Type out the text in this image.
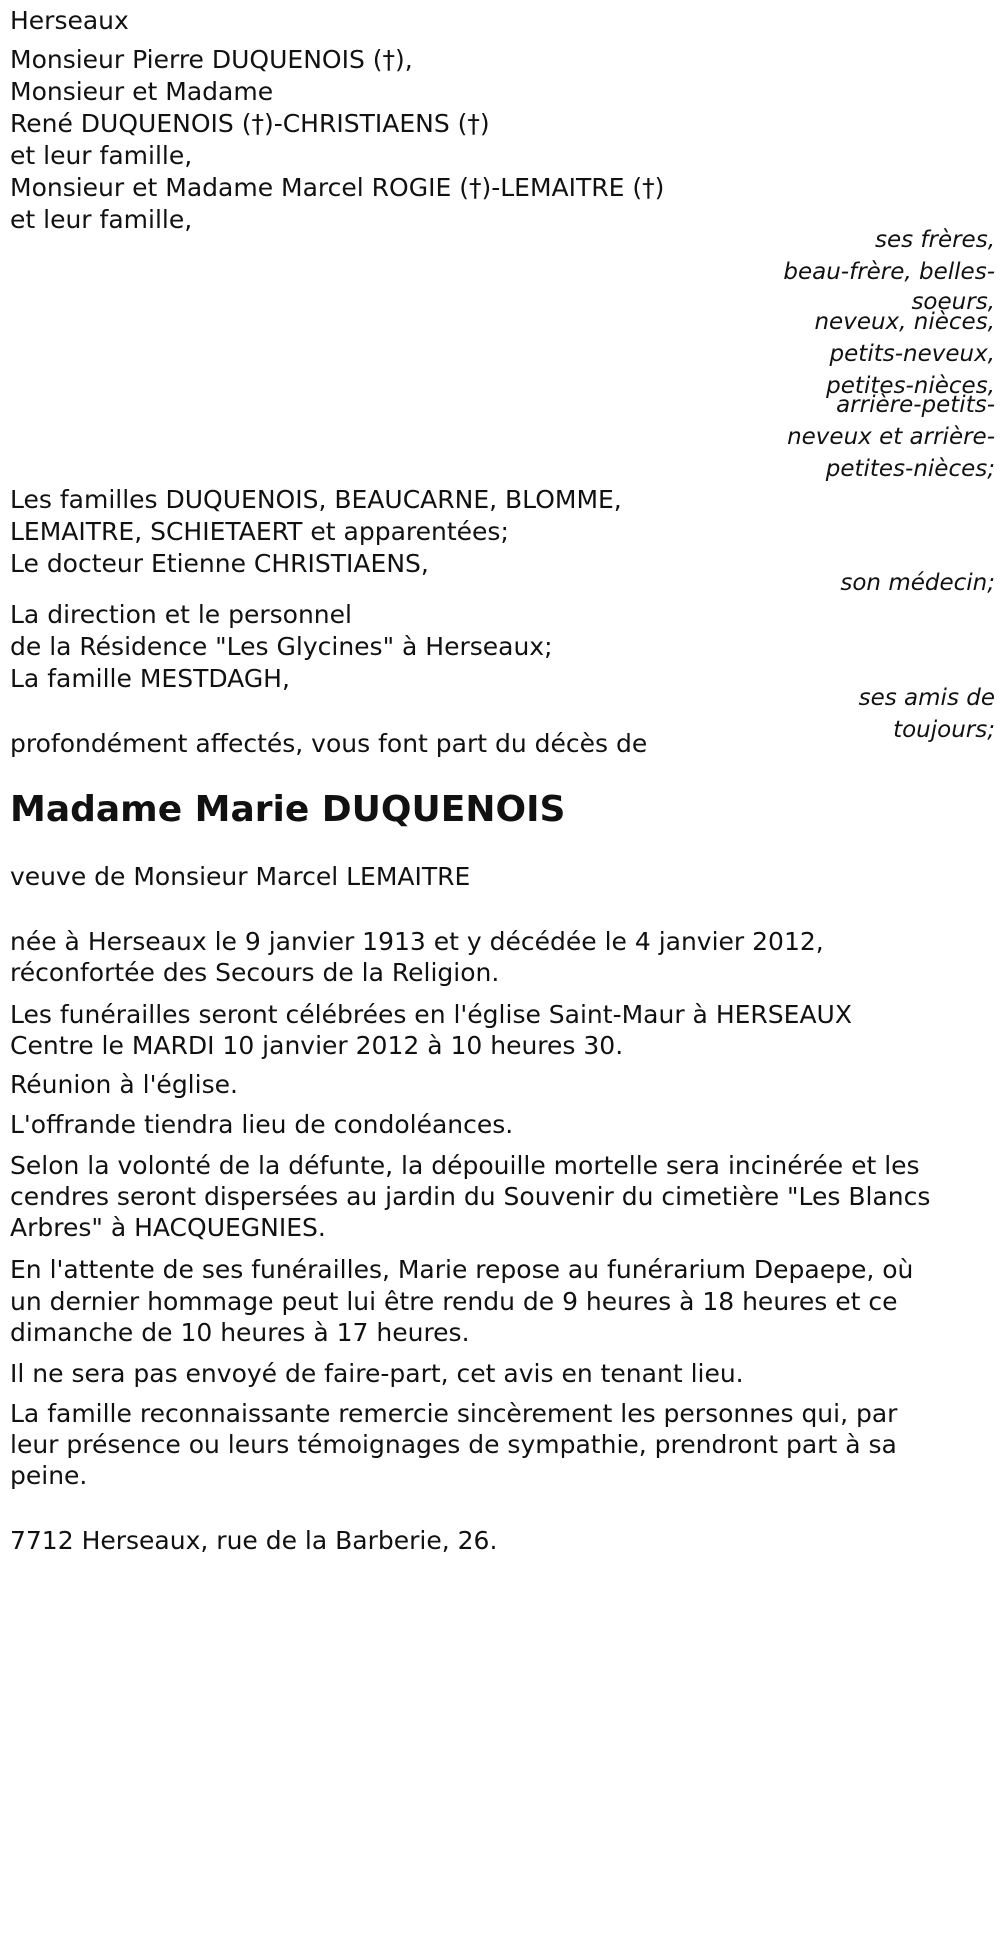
Herseaux
Monsieur Pierre DUQUENOIS (†),
Monsieur et Madame
René DUQUENOIS (†)-CHRISTIAENS (†)
et leur famille,
Monsieur et Madame Marcel ROGIE (†)-LEMAITRE (†)
et leur famille,
ses frères,
beau-frère, belles-
soeurs,
neveux, nièces,
petits-neveux,
petites-nièces,
arrière-petits-
neveux et arrière-
petites-nièces;
Les familles DUQUENOIS, BEAUCARNE, BLOMME,
LEMAITRE, SCHIETAERT et apparentées;
Le docteur Etienne CHRISTIAENS,
son médecin;
La direction et le personnel
de la Résidence "Les Glycines" à Herseaux;
La famille MESTDAGH,
ses amis de
toujours;
profondément affectés, vous font part du décès de
Madame Marie DUQUENOIS
veuve de Monsieur Marcel LEMAITRE
née à Herseaux le 9 janvier 1913 et y décédée le 4 janvier 2012,
réconfortée des Secours de la Religion.
Les funérailles seront célébrées en l'église Saint-Maur à HERSEAUX
Centre le MARDI 10 janvier 2012 à 10 heures 30.
Réunion à l'église.
L'offrande tiendra lieu de condoléances.
Selon la volonté de la défunte, la dépouille mortelle sera incinérée et les
cendres seront dispersées au jardin du Souvenir du cimetière "Les Blancs
Arbres" à HACQUEGNIES.
En l'attente de ses funérailles, Marie repose au funérarium Depaepe, où
un dernier hommage peut lui être rendu de 9 heures à 18 heures et ce
dimanche de 10 heures à 17 heures.
Il ne sera pas envoyé de faire-part, cet avis en tenant lieu.
La famille reconnaissante remercie sincèrement les personnes qui, par
leur présence ou leurs témoignages de sympathie, prendront part à sa
peine.
7712 Herseaux, rue de la Barberie, 26.
